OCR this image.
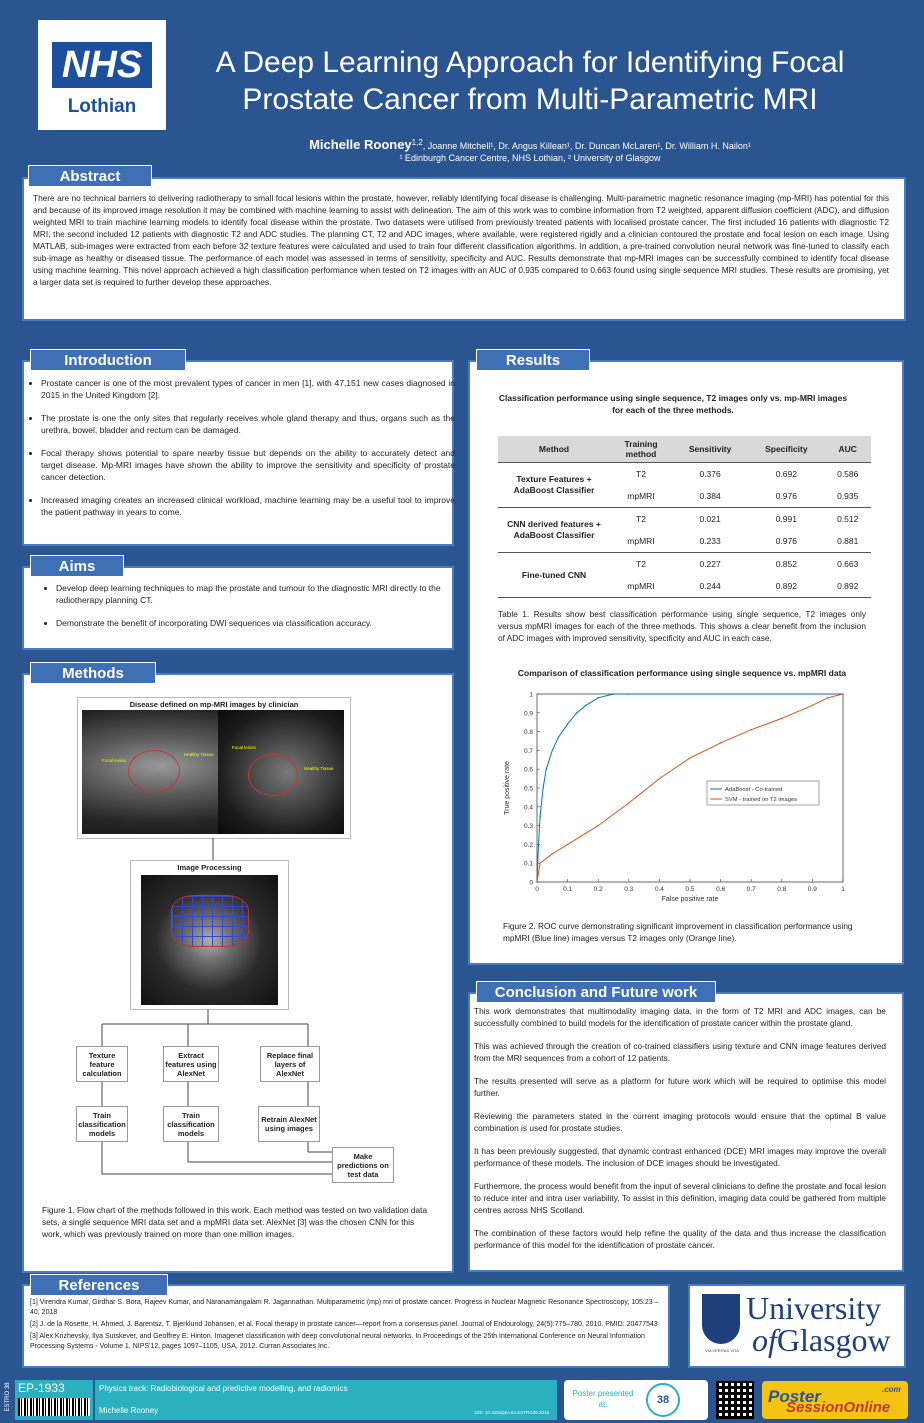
NHS
Lothian
A Deep Learning Approach for Identifying Focal
Prostate Cancer from Multi-Parametric MRI
Michelle Rooney$^{1,2}$, Joanne Mitchell¹, Dr. Angus Killean¹, Dr. Duncan McLaren¹, Dr. William H. Nailon¹
¹ Edinburgh Cancer Centre, NHS Lothian, ² University of Glasgow
Abstract
There are no technical barriers to delivering radiotherapy to small focal lesions within the prostate, however, reliably identifying focal disease is challenging. Multi-parametric magnetic resonance imaging (mp-MRI) has potential for this and because of its improved image resolution it may be combined with machine learning to assist with delineation. The aim of this work was to combine information from T2 weighted, apparent diffusion coefficient (ADC), and diffusion weighted MRI to train machine learning models to identify focal disease within the prostate. Two datasets were utilised from previously treated patients with localised prostate cancer. The first included 16 patients with diagnostic T2 MRI, the second included 12 patients with diagnostic T2 and ADC studies. The planning CT, T2 and ADC images, where available, were registered rigidly and a clinician contoured the prostate and focal lesion on each image. Using MATLAB, sub-images were extracted from each before 32 texture features were calculated and used to train four different classification algorithms. In addition, a pre-trained convolution neural network was fine-tuned to classify each sub-image as healthy or diseased tissue. The performance of each model was assessed in terms of sensitivity, specificity and AUC. Results demonstrate that mp-MRI images can be successfully combined to identify focal disease using machine learning. This novel approach achieved a high classification performance when tested on T2 images with an AUC of 0.935 compared to 0.663 found using single sequence MRI studies. These results are promising, yet a larger data set is required to further develop these approaches.
Introduction
• Prostate cancer is one of the most prevalent types of cancer in men [1], with 47,151 new cases diagnosed in 2015 in the United Kingdom [2].
• The prostate is one the only sites that regularly receives whole gland therapy and thus, organs such as the urethra, bowel, bladder and rectum can be damaged.
• Focal therapy shows potential to spare nearby tissue but depends on the ability to accurately detect and target disease. Mp-MRI images have shown the ability to improve the sensitivity and specificity of prostate cancer detection.
• Increased imaging creates an increased clinical workload, machine learning may be a useful tool to improve the patient pathway in years to come.
Aims
• Develop deep learning techniques to map the prostate and tumour to the diagnostic MRI directly to the radiotherapy planning CT.
• Demonstrate the benefit of incorporating DWI sequences via classification accuracy.
Methods
Disease defined on mp-MRI images by clinician
Focal lesion
Healthy Tissue
Focal lesion
Healthy Tissue
Image Processing
Texture feature calculation
Extract features using AlexNet
Replace final layers of AlexNet
Train classification models
Train classification models
Retrain AlexNet using images
Make predictions on test data
Figure 1. Flow chart of the methods followed in this work. Each method was tested on two validation data sets, a single sequence MRI data set and a mpMRI data set. AlexNet [3] was the chosen CNN for this work, which was previously trained on more than one million images.
Results
Classification performance using single sequence, T2 images only vs. mp-MRI images for each of the three methods.
Method	Training method	Sensitivity	Specificity	AUC
Texture Features + AdaBoost Classifier	T2	0.376	0.692	0.586
	mpMRI	0.384	0.976	0.935
CNN derived features + AdaBoost Classifier	T2	0.021	0.991	0.512
	mpMRI	0.233	0.976	0.881
Fine-tuned CNN	T2	0.227	0.852	0.663
	mpMRI	0.244	0.892	0.892
Table 1. Results show best classification performance using single sequence, T2 images only versus mpMRI images for each of the three methods. This shows a clear benefit from the inclusion of ADC images with improved sensitivity, specificity and AUC in each case.
Comparison of classification performance using single sequence vs. mpMRI data
0	0.1	0.2	0.3	0.4	0.5	0.6	0.7	0.8	0.9	1
0
0.1
0.2
0.3
0.4
0.5
0.6
0.7
0.8
0.9
1
False positive rate
True positive rate	AdaBoost - Co-trained
SVM - trained on T2 images
Figure 2. ROC curve demonstrating significant improvement in classification performance using mpMRI (Blue line) images versus T2 images only (Orange line).
Conclusion and Future work

This work demonstrates that multimodality imaging data, in the form of T2 MRI and ADC images, can be successfully combined to build models for the identification of prostate cancer within the prostate gland.

This was achieved through the creation of co-trained classifiers using texture and CNN image features derived from the MRI sequences from a cohort of 12 patients.

The results presented will serve as a platform for future work which will be required to optimise this model further.

Reviewing the parameters stated in the current imaging protocols would ensure that the optimal B value combination is used for prostate studies.

It has been previously suggested, that dynamic contrast enhanced (DCE) MRI images may improve the overall performance of these models. The inclusion of DCE images should be investigated.

Furthermore, the process would benefit from the input of several clinicians to define the prostate and focal lesion to reduce inter and intra user variability. To assist in this definition, imaging data could be gathered from multiple centres across NHS Scotland.

The combination of these factors would help refine the quality of the data and thus increase the classification performance of this model for the identification of prostate cancer.

References
[1] Virendra Kumar, Girdhar S. Bora, Rajeev Kumar, and Naranamangalam R. Jagannathan. Multiparametric (mp) mri of prostate cancer. Progress in Nuclear Magnetic Resonance Spectroscopy, 105:23 – 40, 2018
[2] J. de la Rosette, H. Ahmed, J. Barentsz, T. Bjerklund Johansen, et al. Focal therapy in prostate cancer—report from a consensus panel. Journal of Endourology, 24(5):775–780, 2010. PMID: 20477543
[3] Alex Krizhevsky, Ilya Sutskever, and Geoffrey E. Hinton. Imagenet classification with deep convolutional neural networks. In Proceedings of the 25th International Conference on Neural Information Processing Systems - Volume 1, NIPS'12, pages 1097–1105, USA, 2012. Curran Associates Inc.
VIA VERITAS VITA
University
ofGlasgow
ESTRO 38 EP-1933	Physics track: Radiobiological and predictive modelling, and radiomics
Michelle Rooney	DOI: 10.3252/pso.eu.ESTRO38.2019
Poster presented at:	38	Poster
SessionOnline
.com
